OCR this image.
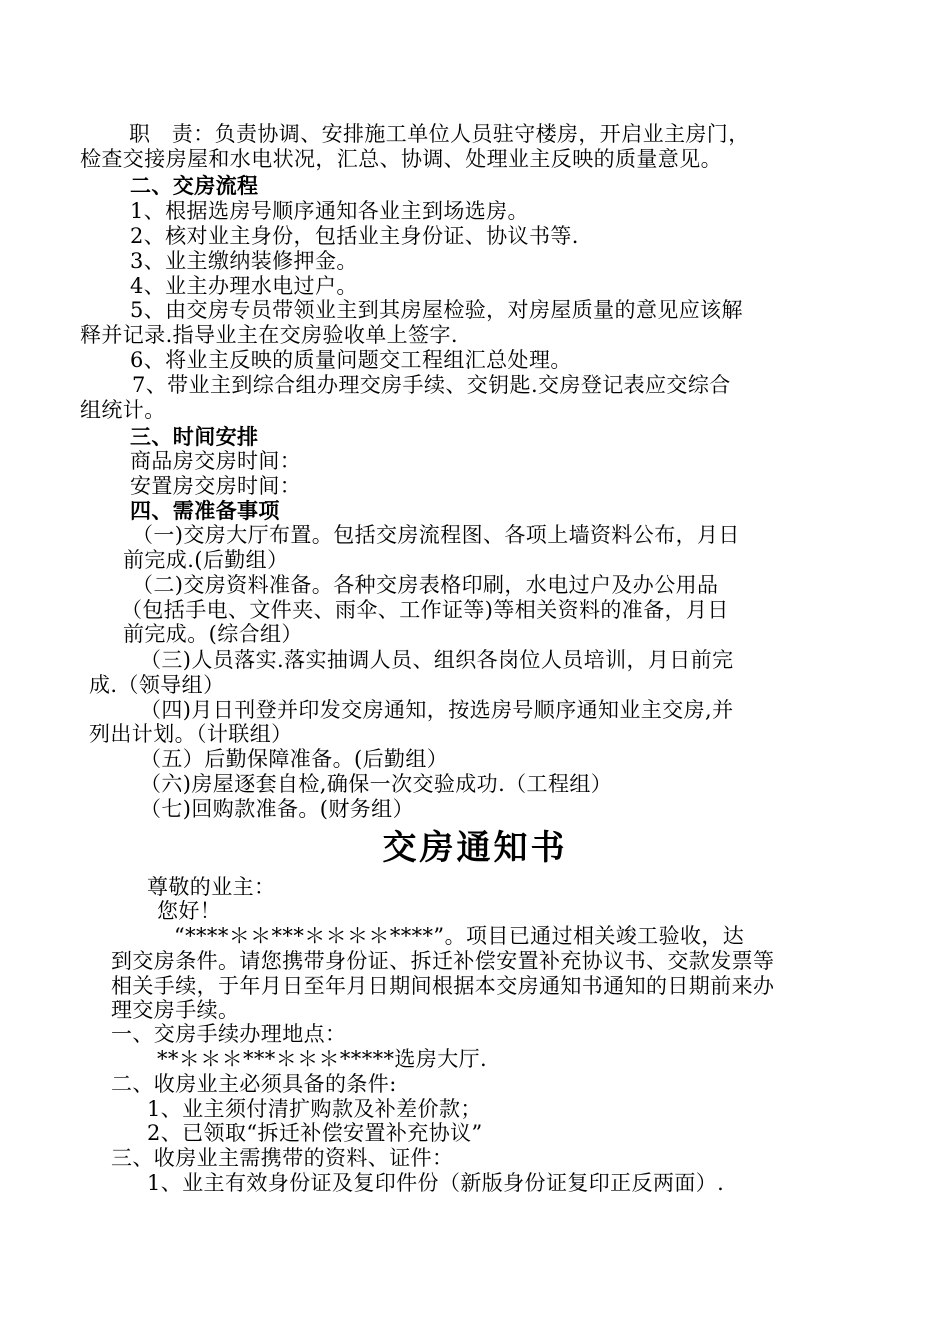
职　责：负责协调、安排施工单位人员驻守楼房，开启业主房门，
检查交接房屋和水电状况，汇总、协调、处理业主反映的质量意见。
二、交房流程
1、根据选房号顺序通知各业主到场选房。
2、核对业主身份，包括业主身份证、协议书等.
3、业主缴纳装修押金。
4、业主办理水电过户。
5、由交房专员带领业主到其房屋检验，对房屋质量的意见应该解
释并记录.指导业主在交房验收单上签字.
6、将业主反映的质量问题交工程组汇总处理。
7、带业主到综合组办理交房手续、交钥匙.交房登记表应交综合
组统计。
三、时间安排
商品房交房时间：
安置房交房时间：
四、需准备事项
（一)交房大厅布置。包括交房流程图、各项上墙资料公布，月日
前完成.(后勤组）
（二)交房资料准备。各种交房表格印刷，水电过户及办公用品
（包括手电、文件夹、雨伞、工作证等)等相关资料的准备，月日
前完成。(综合组）
（三)人员落实.落实抽调人员、组织各岗位人员培训，月日前完
成.（领导组）
（四)月日刊登并印发交房通知，按选房号顺序通知业主交房,并
列出计划。（计联组）
（五）后勤保障准备。(后勤组）
（六)房屋逐套自检,确保一次交验成功.（工程组）
（七)回购款准备。(财务组）
交房通知书
尊敬的业主：
您好！
“****＊＊***＊＊＊＊****”。项目已通过相关竣工验收，达
到交房条件。请您携带身份证、拆迁补偿安置补充协议书、交款发票等
相关手续，于年月日至年月日期间根据本交房通知书通知的日期前来办
理交房手续。
一、交房手续办理地点：
**＊＊＊***＊＊＊*****选房大厅.
二、收房业主必须具备的条件:
1、业主须付清扩购款及补差价款；
2、已领取“拆迁补偿安置补充协议”
三、收房业主需携带的资料、证件：
1、业主有效身份证及复印件份（新版身份证复印正反两面）.
